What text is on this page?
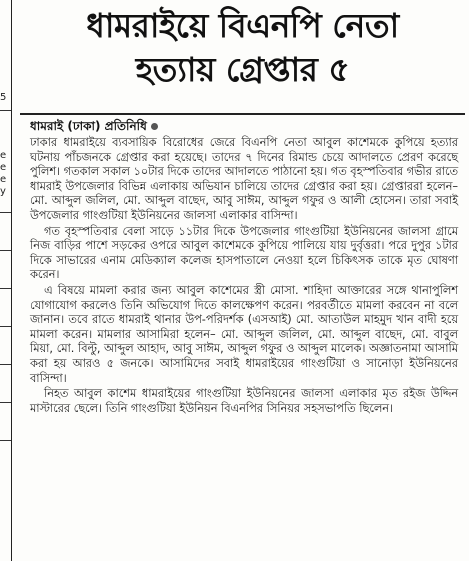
5
e
e
e
y
ধামরাইয়ে বিএনপি নেতা
হত্যায় গ্রেপ্তার ৫
ধামরাই (ঢাকা) প্রতিনিধি

ঢাকার ধামরাইয়ে ব্যবসায়িক বিরোধের জেরে বিএনপি নেতা আবুল কাশেমকে কুপিয়ে হত্যার ঘটনায় পাঁচজনকে গ্রেপ্তার করা হয়েছে। তাদের ৭ দিনের রিমান্ড চেয়ে আদালতে প্রেরণ করেছে পুলিশ। গতকাল সকাল ১০টার দিকে তাদের আদালতে পাঠানো হয়। গত বৃহস্পতিবার গভীর রাতে ধামরাই উপজেলার বিভিন্ন এলাকায় অভিযান চালিয়ে তাদের গ্রেপ্তার করা হয়। গ্রেপ্তাররা হলেন– মো. আব্দুল জলিল, মো. আব্দুল বাছেদ, আবু সাঈম, আব্দুল গফুর ও আলী হোসেন। তারা সবাই উপজেলার গাংগুটিয়া ইউনিয়নের জালসা এলাকার বাসিন্দা।

গত বৃহস্পতিবার বেলা সাড়ে ১১টার দিকে উপজেলার গাংগুটিয়া ইউনিয়নের জালসা গ্রামে নিজ বাড়ির পাশে সড়কের ওপরে আবুল কাশেমকে কুপিয়ে পালিয়ে যায় দুর্বৃত্তরা। পরে দুপুর ১টার দিকে সাভারের এনাম মেডিক্যাল কলেজ হাসপাতালে নেওয়া হলে চিকিৎসক তাকে মৃত ঘোষণা করেন।

এ বিষয়ে মামলা করার জন্য আবুল কাশেমের স্ত্রী মোসা. শাহিদা আক্তারের সঙ্গে থানাপুলিশ যোগাযোগ করলেও তিনি অভিযোগ দিতে কালক্ষেপণ করেন। পরবর্তীতে মামলা করবেন না বলে জানান। তবে রাতে ধামরাই থানার উপ-পরিদর্শক (এসআই) মো. আতাউল মাহমুদ খান বাদী হয়ে মামলা করেন। মামলার আসামিরা হলেন– মো. আব্দুল জলিল, মো. আব্দুল বাছেদ, মো. বাবুল মিয়া, মো. বিল্টু, আব্দুল আহাদ, আবু সাঈম, আব্দুল গফুর ও আব্দুল মালেক। অজ্ঞাতনামা আসামি করা হয় আরও ৫ জনকে। আসামিদের সবাই ধামরাইয়ের গাংগুটিয়া ও সানোড়া ইউনিয়নের বাসিন্দা।

নিহত আবুল কাশেম ধামরাইয়ের গাংগুটিয়া ইউনিয়নের জালসা এলাকার মৃত রইজ উদ্দিন মাস্টারের ছেলে। তিনি গাংগুটিয়া ইউনিয়ন বিএনপির সিনিয়র সহসভাপতি ছিলেন।
